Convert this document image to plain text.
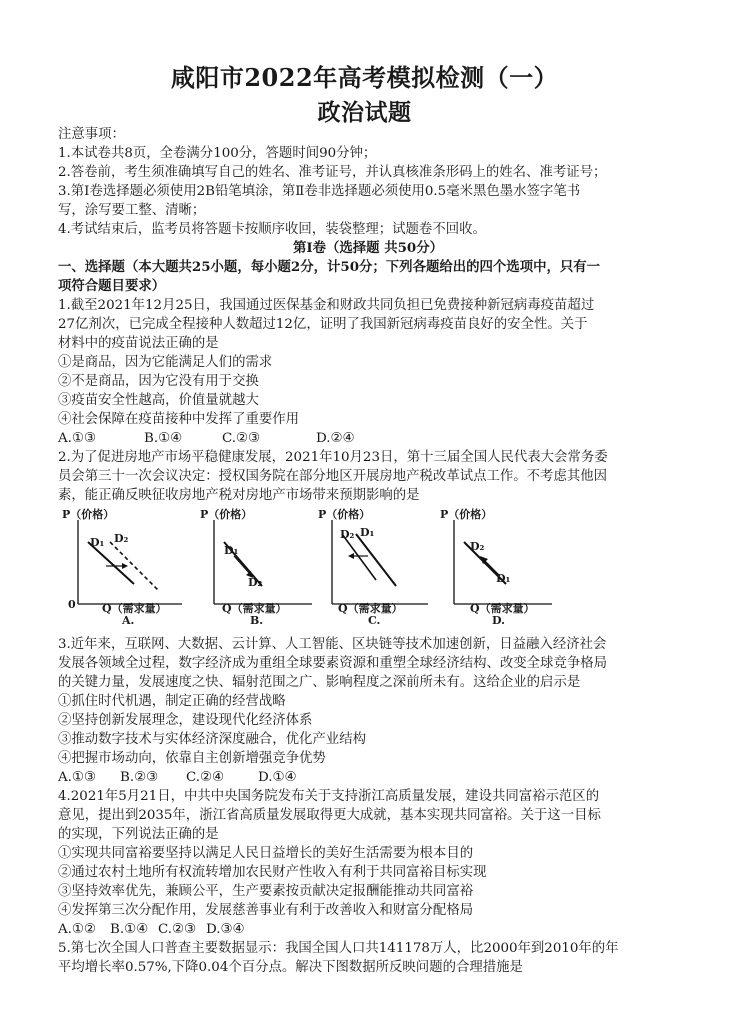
咸阳市2022年高考模拟检测（一）
政治试题
注意事项：
1.本试卷共8页，全卷满分100分，答题时间90分钟；
2.答卷前，考生须准确填写自己的姓名、准考证号，并认真核准条形码上的姓名、准考证号；
3.第Ⅰ卷选择题必须使用2B铅笔填涂，第Ⅱ卷非选择题必须使用0.5毫米黑色墨水签字笔书
写，涂写要工整、清晰；
4.考试结束后，监考员将答题卡按顺序收回，装袋整理；试题卷不回收。
第Ⅰ卷（选择题 共50分）
一、选择题（本大题共25小题，每小题2分，计50分；下列各题给出的四个选项中，只有一
项符合题目要求）
1.截至2021年12月25日，我国通过医保基金和财政共同负担已免费接种新冠病毒疫苗超过
27亿剂次，已完成全程接种人数超过12亿，证明了我国新冠病毒疫苗良好的安全性。关于
材料中的疫苗说法正确的是
①是商品，因为它能满足人们的需求
②不是商品，因为它没有用于交换
③疫苗安全性越高，价值量就越大
④社会保障在疫苗接种中发挥了重要作用
A.①③	B.①④	C.②③	D.②④
2.为了促进房地产市场平稳健康发展，2021年10月23日，第十三届全国人民代表大会常务委
员会第三十一次会议决定：授权国务院在部分地区开展房地产税改革试点工作。不考虑其他因
素，能正确反映征收房地产税对房地产市场带来预期影响的是
P（价格）
D₁ D₂
0 Q（需求量）
A.
P（价格）
D₁
D₂
Q（需求量）
B.
P（价格）
D₂ D₁
Q（需求量）
C.
P（价格）
D₂
D₁
Q（需求量）
D.
3.近年来，互联网、大数据、云计算、人工智能、区块链等技术加速创新，日益融入经济社会
发展各领域全过程，数字经济成为重组全球要素资源和重塑全球经济结构、改变全球竞争格局
的关键力量，发展速度之快、辐射范围之广、影响程度之深前所未有。这给企业的启示是
①抓住时代机遇，制定正确的经营战略
②坚持创新发展理念，建设现代化经济体系
③推动数字技术与实体经济深度融合，优化产业结构
④把握市场动向，依靠自主创新增强竞争优势
A.①③ B.②③ C.②④	D.①④
4.2021年5月21日，中共中央国务院发布关于支持浙江高质量发展，建设共同富裕示范区的
意见，提出到2035年，浙江省高质量发展取得更大成就，基本实现共同富裕。关于这一目标
的实现，下列说法正确的是
①实现共同富裕要坚持以满足人民日益增长的美好生活需要为根本目的
②通过农村土地所有权流转增加农民财产性收入有利于共同富裕目标实现
③坚持效率优先，兼顾公平，生产要素按贡献决定报酬能推动共同富裕
④发挥第三次分配作用，发展慈善事业有利于改善收入和财富分配格局
A.①② B.①④ C.②③ D.③④
5.第七次全国人口普查主要数据显示：我国全国人口共141178万人，比2000年到2010年的年
平均增长率0.57%,下降0.04个百分点。解决下图数据所反映问题的合理措施是
